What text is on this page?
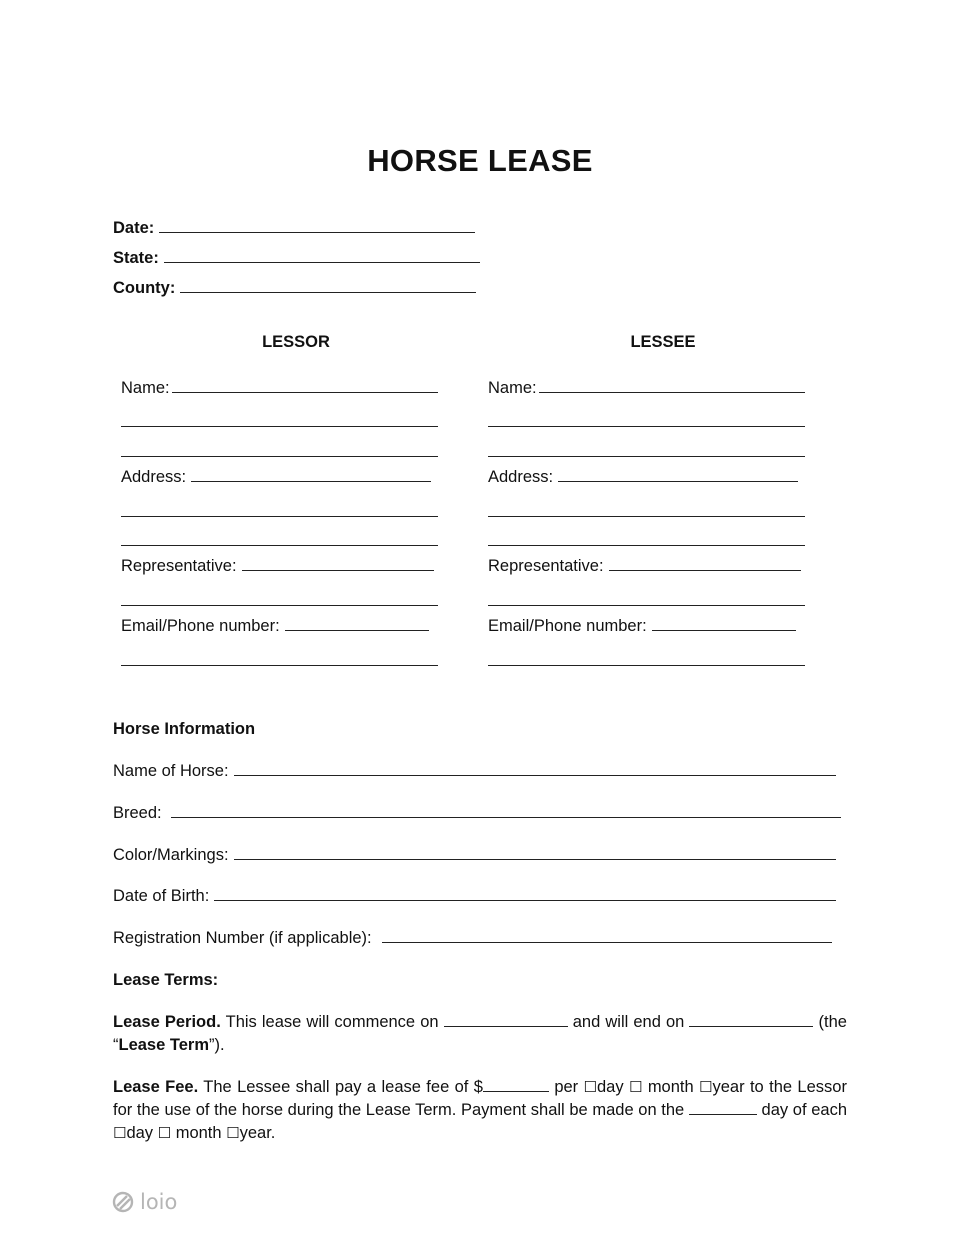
HORSE LEASE
Date:
State:
County:
LESSOR	LESSEE
Name:
Address:
Representative:
Email/Phone number:
Name:
Address:
Representative:
Email/Phone number:
Horse Information
Name of Horse:
Breed:
Color/Markings:
Date of Birth:
Registration Number (if applicable):
Lease Terms:
Lease Period. This lease will commence on	and will end on	(the “Lease Term”).
Lease Fee. The Lessee shall pay a lease fee of $	per ☐day ☐ month ☐year to the Lessor for the use of the horse during the Lease Term. Payment shall be made on the	day of each ☐day ☐ month ☐year.
loio
